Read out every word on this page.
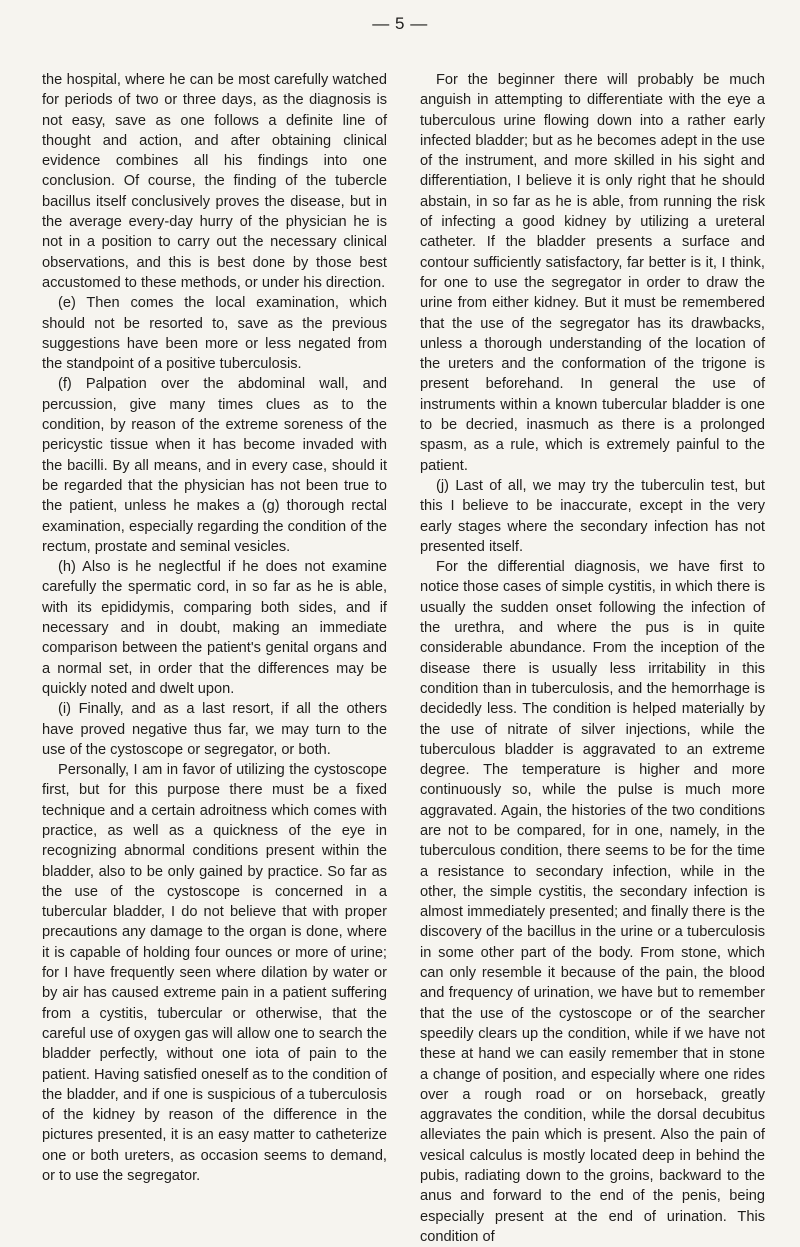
— 5 —

the hospital, where he can be most carefully watched for periods of two or three days, as the diagnosis is not easy, save as one follows a definite line of thought and action, and after obtaining clinical evidence combines all his findings into one conclusion. Of course, the finding of the tubercle bacillus itself conclusively proves the disease, but in the average every-day hurry of the physician he is not in a position to carry out the necessary clinical observations, and this is best done by those best accustomed to these methods, or under his direction.

(e) Then comes the local examination, which should not be resorted to, save as the previous suggestions have been more or less negated from the standpoint of a positive tuberculosis.

(f) Palpation over the abdominal wall, and percussion, give many times clues as to the condition, by reason of the extreme soreness of the pericystic tissue when it has become invaded with the bacilli. By all means, and in every case, should it be regarded that the physician has not been true to the patient, unless he makes a (g) thorough rectal examination, especially regarding the condition of the rectum, prostate and seminal vesicles.

(h) Also is he neglectful if he does not examine carefully the spermatic cord, in so far as he is able, with its epididymis, comparing both sides, and if necessary and in doubt, making an immediate comparison between the patient's genital organs and a normal set, in order that the differences may be quickly noted and dwelt upon.

(i) Finally, and as a last resort, if all the others have proved negative thus far, we may turn to the use of the cystoscope or segregator, or both.

Personally, I am in favor of utilizing the cystoscope first, but for this purpose there must be a fixed technique and a certain adroitness which comes with practice, as well as a quickness of the eye in recognizing abnormal conditions present within the bladder, also to be only gained by practice. So far as the use of the cystoscope is concerned in a tubercular bladder, I do not believe that with proper precautions any damage to the organ is done, where it is capable of holding four ounces or more of urine; for I have frequently seen where dilation by water or by air has caused extreme pain in a patient suffering from a cystitis, tubercular or otherwise, that the careful use of oxygen gas will allow one to search the bladder perfectly, without one iota of pain to the patient. Having satisfied oneself as to the condition of the bladder, and if one is suspicious of a tuberculosis of the kidney by reason of the difference in the pictures presented, it is an easy matter to catheterize one or both ureters, as occasion seems to demand, or to use the segregator.

For the beginner there will probably be much anguish in attempting to differentiate with the eye a tuberculous urine flowing down into a rather early infected bladder; but as he becomes adept in the use of the instrument, and more skilled in his sight and differentiation, I believe it is only right that he should abstain, in so far as he is able, from running the risk of infecting a good kidney by utilizing a ureteral catheter. If the bladder presents a surface and contour sufficiently satisfactory, far better is it, I think, for one to use the segregator in order to draw the urine from either kidney. But it must be remembered that the use of the segregator has its drawbacks, unless a thorough understanding of the location of the ureters and the conformation of the trigone is present beforehand. In general the use of instruments within a known tubercular bladder is one to be decried, inasmuch as there is a prolonged spasm, as a rule, which is extremely painful to the patient.

(j) Last of all, we may try the tuberculin test, but this I believe to be inaccurate, except in the very early stages where the secondary infection has not presented itself.

For the differential diagnosis, we have first to notice those cases of simple cystitis, in which there is usually the sudden onset following the infection of the urethra, and where the pus is in quite considerable abundance. From the inception of the disease there is usually less irritability in this condition than in tuberculosis, and the hemorrhage is decidedly less. The condition is helped materially by the use of nitrate of silver injections, while the tuberculous bladder is aggravated to an extreme degree. The temperature is higher and more continuously so, while the pulse is much more aggravated. Again, the histories of the two conditions are not to be compared, for in one, namely, in the tuberculous condition, there seems to be for the time a resistance to secondary infection, while in the other, the simple cystitis, the secondary infection is almost immediately presented; and finally there is the discovery of the bacillus in the urine or a tuberculosis in some other part of the body. From stone, which can only resemble it because of the pain, the blood and frequency of urination, we have but to remember that the use of the cystoscope or of the searcher speedily clears up the condition, while if we have not these at hand we can easily remember that in stone a change of position, and especially where one rides over a rough road or on horseback, greatly aggravates the condition, while the dorsal decubitus alleviates the pain which is present. Also the pain of vesical calculus is mostly located deep in behind the pubis, radiating down to the groins, backward to the anus and forward to the end of the penis, being especially present at the end of urination. This condition of
